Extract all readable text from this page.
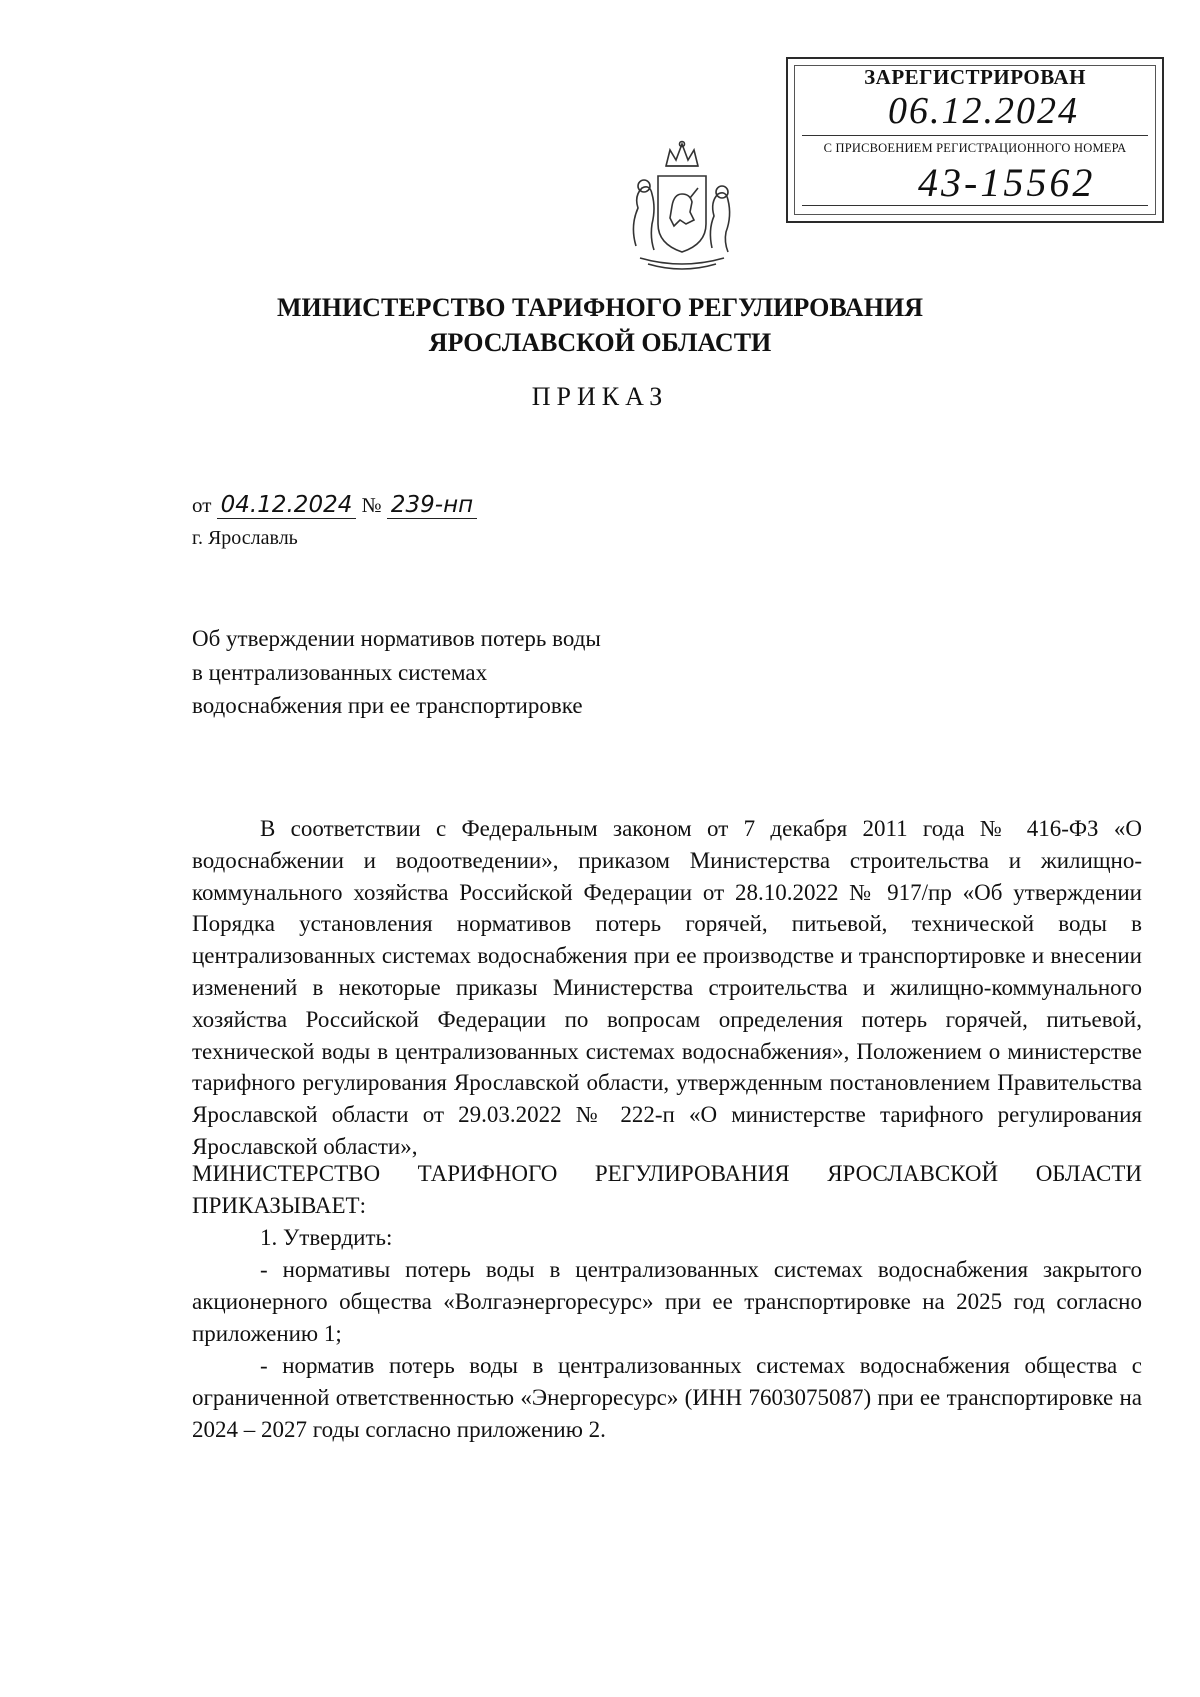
ЗАРЕГИСТРИРОВАН
06.12.2024
С ПРИСВОЕНИЕМ РЕГИСТРАЦИОННОГО НОМЕРА
43-15562
МИНИСТЕРСТВО ТАРИФНОГО РЕГУЛИРОВАНИЯ
ЯРОСЛАВСКОЙ ОБЛАСТИ
ПРИКАЗ
от 04.12.2024 № 239-нп
г. Ярославль
Об утверждении нормативов потерь воды в централизованных системах водоснабжения при ее транспортировке

В соответствии с Федеральным законом от 7 декабря 2011 года № 416-ФЗ «О водоснабжении и водоотведении», приказом Министерства строительства и жилищно-коммунального хозяйства Российской Федерации от 28.10.2022 № 917/пр «Об утверждении Порядка установления нормативов потерь горячей, питьевой, технической воды в централизованных системах водоснабжения при ее производстве и транспортировке и внесении изменений в некоторые приказы Министерства строительства и жилищно-коммунального хозяйства Российской Федерации по вопросам определения потерь горячей, питьевой, технической воды в централизованных системах водоснабжения», Положением о министерстве тарифного регулирования Ярославской области, утвержденным постановлением Правительства Ярославской области от 29.03.2022 № 222-п «О министерстве тарифного регулирования Ярославской области»,

МИНИСТЕРСТВО ТАРИФНОГО РЕГУЛИРОВАНИЯ ЯРОСЛАВСКОЙ ОБЛАСТИ ПРИКАЗЫВАЕТ:

1. Утвердить:

- нормативы потерь воды в централизованных системах водоснабжения закрытого акционерного общества «Волгаэнергоресурс» при ее транспортировке на 2025 год согласно приложению 1;

- норматив потерь воды в централизованных системах водоснабжения общества с ограниченной ответственностью «Энергоресурс» (ИНН 7603075087) при ее транспортировке на 2024 – 2027 годы согласно приложению 2.
